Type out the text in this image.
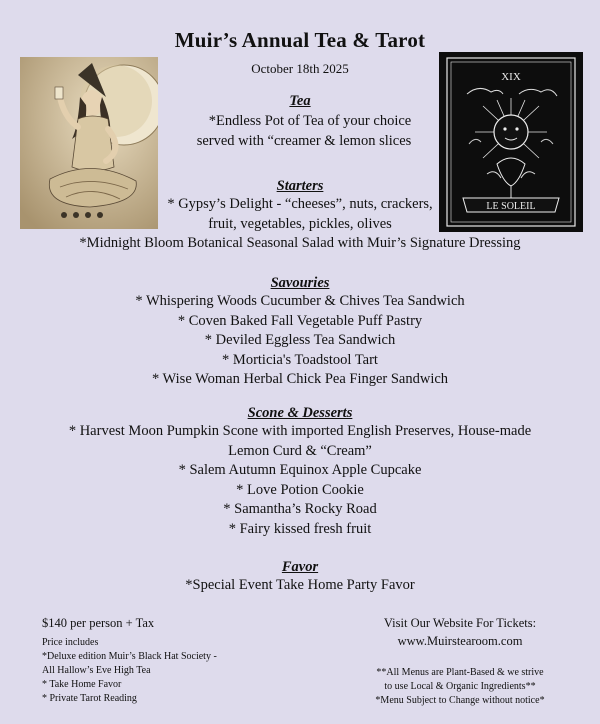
Muir’s Annual Tea & Tarot
October 18th 2025
XIX
LE SOLEIL
Tea
*Endless Pot of Tea of your choice
served with “creamer & lemon slices
Starters
* Gypsy’s Delight - “cheeses”, nuts, crackers,
fruit, vegetables, pickles, olives
*Midnight Bloom Botanical Seasonal Salad with Muir’s Signature Dressing
Savouries
* Whispering Woods Cucumber & Chives Tea Sandwich
* Coven Baked Fall Vegetable Puff Pastry
* Deviled Eggless Tea Sandwich
* Morticia's Toadstool Tart
* Wise Woman Herbal Chick Pea Finger Sandwich
Scone & Desserts
* Harvest Moon Pumpkin Scone with imported English Preserves, House-made
Lemon Curd & “Cream”
* Salem Autumn Equinox Apple Cupcake
* Love Potion Cookie
* Samantha’s Rocky Road
* Fairy kissed fresh fruit
Favor
*Special Event Take Home Party Favor
$140 per person + Tax
Price includes
*Deluxe edition Muir’s Black Hat Society -
All Hallow’s Eve High Tea
* Take Home Favor
* Private Tarot Reading
Visit Our Website For Tickets:
www.Muirstearoom.com
**All Menus are Plant-Based & we strive
to use Local & Organic Ingredients**
*Menu Subject to Change without notice*
